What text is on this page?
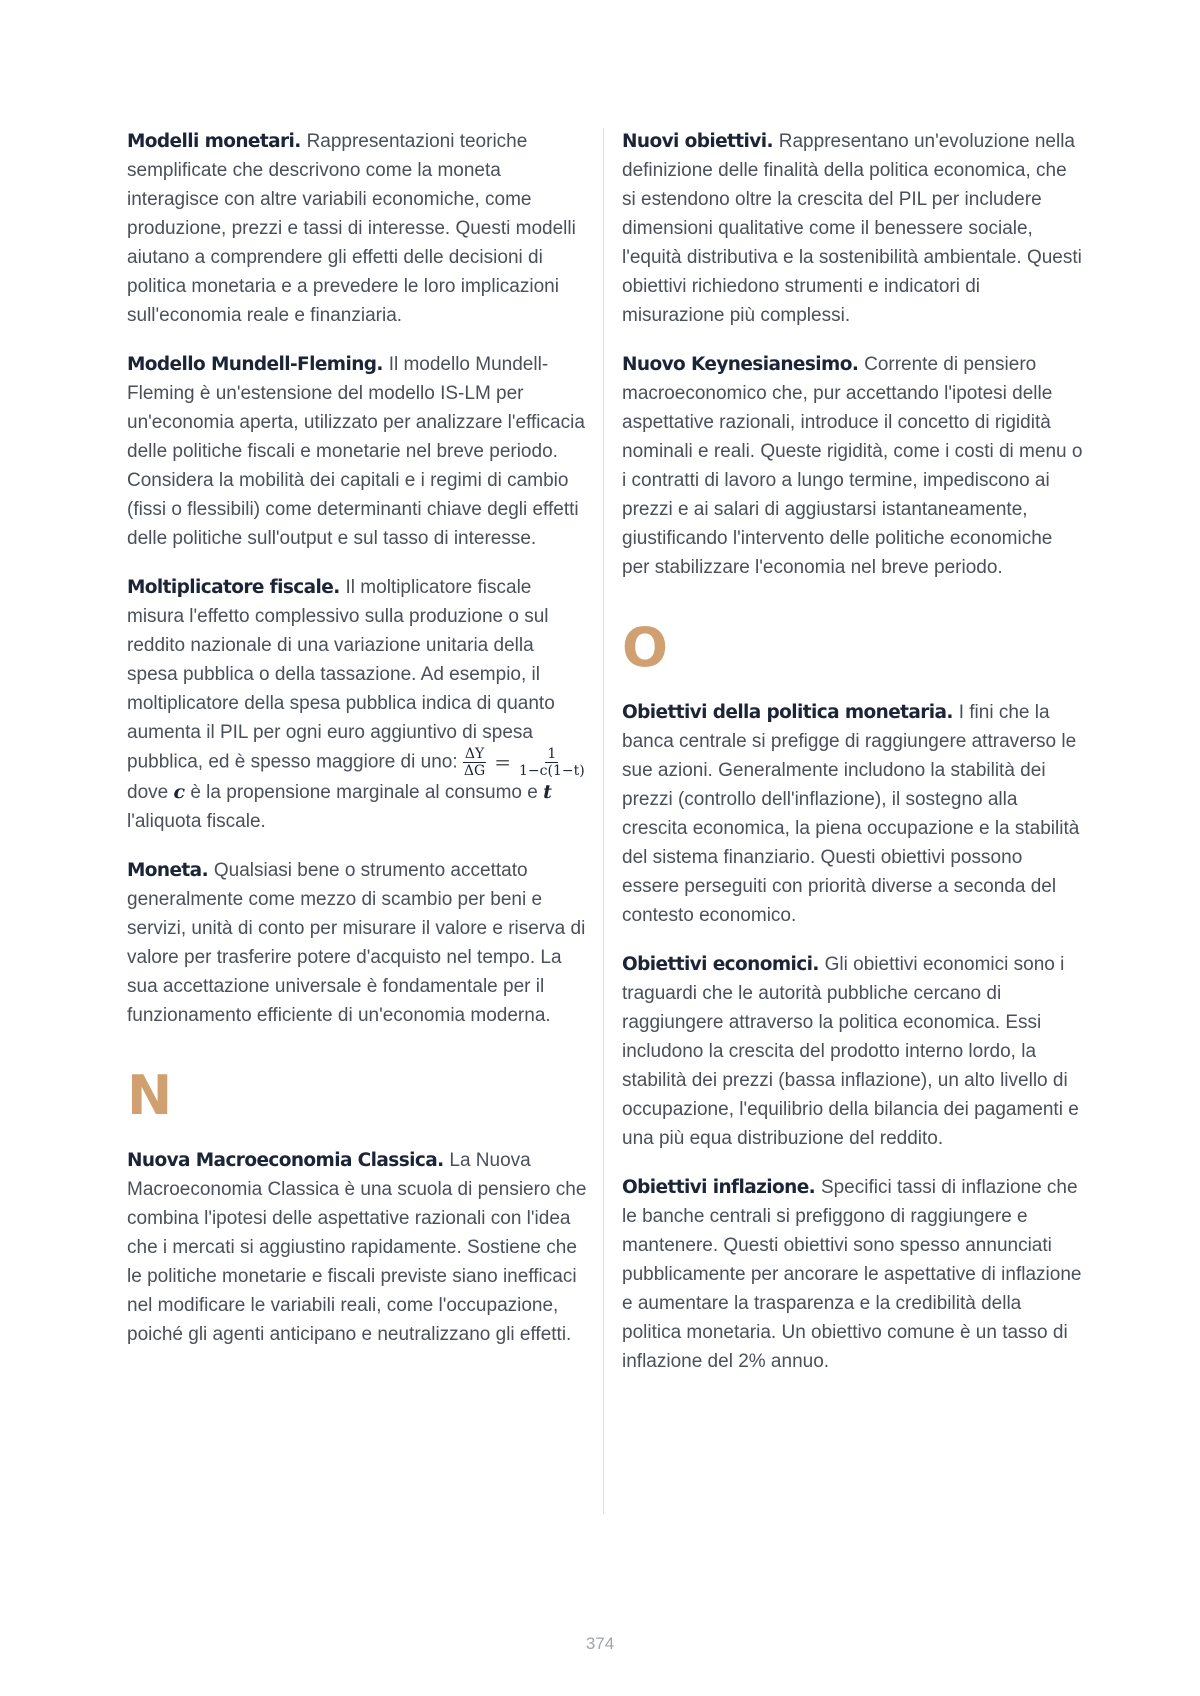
Modelli monetari. Rappresentazioni teoriche semplificate che descrivono come la moneta interagisce con altre variabili economiche, come produzione, prezzi e tassi di interesse. Questi modelli aiutano a comprendere gli effetti delle decisioni di politica monetaria e a prevedere le loro implicazioni sull'economia reale e finanziaria.

Modello Mundell-Fleming. Il modello Mundell-Fleming è un'estensione del modello IS-LM per un'economia aperta, utilizzato per analizzare l'efficacia delle politiche fiscali e monetarie nel breve periodo. Considera la mobilità dei capitali e i regimi di cambio (fissi o flessibili) come determinanti chiave degli effetti delle politiche sull'output e sul tasso di interesse.

Moltiplicatore fiscale. Il moltiplicatore fiscale misura l'effetto complessivo sulla produzione o sul reddito nazionale di una variazione unitaria della spesa pubblica o della tassazione. Ad esempio, il moltiplicatore della spesa pubblica indica di quanto aumenta il PIL per ogni euro aggiuntivo di spesa pubblica, ed è spesso maggiore di uno: $\frac{\Delta Y}{\Delta G} = \frac{1}{1-c(1-t)}$
dove c è la propensione marginale al consumo e t l'aliquota fiscale.

Moneta. Qualsiasi bene o strumento accettato generalmente come mezzo di scambio per beni e servizi, unità di conto per misurare il valore e riserva di valore per trasferire potere d'acquisto nel tempo. La sua accettazione universale è fondamentale per il funzionamento efficiente di un'economia moderna.

N

Nuova Macroeconomia Classica. La Nuova Macroeconomia Classica è una scuola di pensiero che combina l'ipotesi delle aspettative razionali con l'idea che i mercati si aggiustino rapidamente. Sostiene che le politiche monetarie e fiscali previste siano inefficaci nel modificare le variabili reali, come l'occupazione, poiché gli agenti anticipano e neutralizzano gli effetti.

Nuovi obiettivi. Rappresentano un'evoluzione nella definizione delle finalità della politica economica, che si estendono oltre la crescita del PIL per includere dimensioni qualitative come il benessere sociale, l'equità distributiva e la sostenibilità ambientale. Questi obiettivi richiedono strumenti e indicatori di misurazione più complessi.

Nuovo Keynesianesimo. Corrente di pensiero macroeconomico che, pur accettando l'ipotesi delle aspettative razionali, introduce il concetto di rigidità nominali e reali. Queste rigidità, come i costi di menu o i contratti di lavoro a lungo termine, impediscono ai prezzi e ai salari di aggiustarsi istantaneamente, giustificando l'intervento delle politiche economiche per stabilizzare l'economia nel breve periodo.

O

Obiettivi della politica monetaria. I fini che la banca centrale si prefigge di raggiungere attraverso le sue azioni. Generalmente includono la stabilità dei prezzi (controllo dell'inflazione), il sostegno alla crescita economica, la piena occupazione e la stabilità del sistema finanziario. Questi obiettivi possono essere perseguiti con priorità diverse a seconda del contesto economico.

Obiettivi economici. Gli obiettivi economici sono i traguardi che le autorità pubbliche cercano di raggiungere attraverso la politica economica. Essi includono la crescita del prodotto interno lordo, la stabilità dei prezzi (bassa inflazione), un alto livello di occupazione, l'equilibrio della bilancia dei pagamenti e una più equa distribuzione del reddito.

Obiettivi inflazione. Specifici tassi di inflazione che le banche centrali si prefiggono di raggiungere e mantenere. Questi obiettivi sono spesso annunciati pubblicamente per ancorare le aspettative di inflazione e aumentare la trasparenza e la credibilità della politica monetaria. Un obiettivo comune è un tasso di inflazione del 2% annuo.

374
